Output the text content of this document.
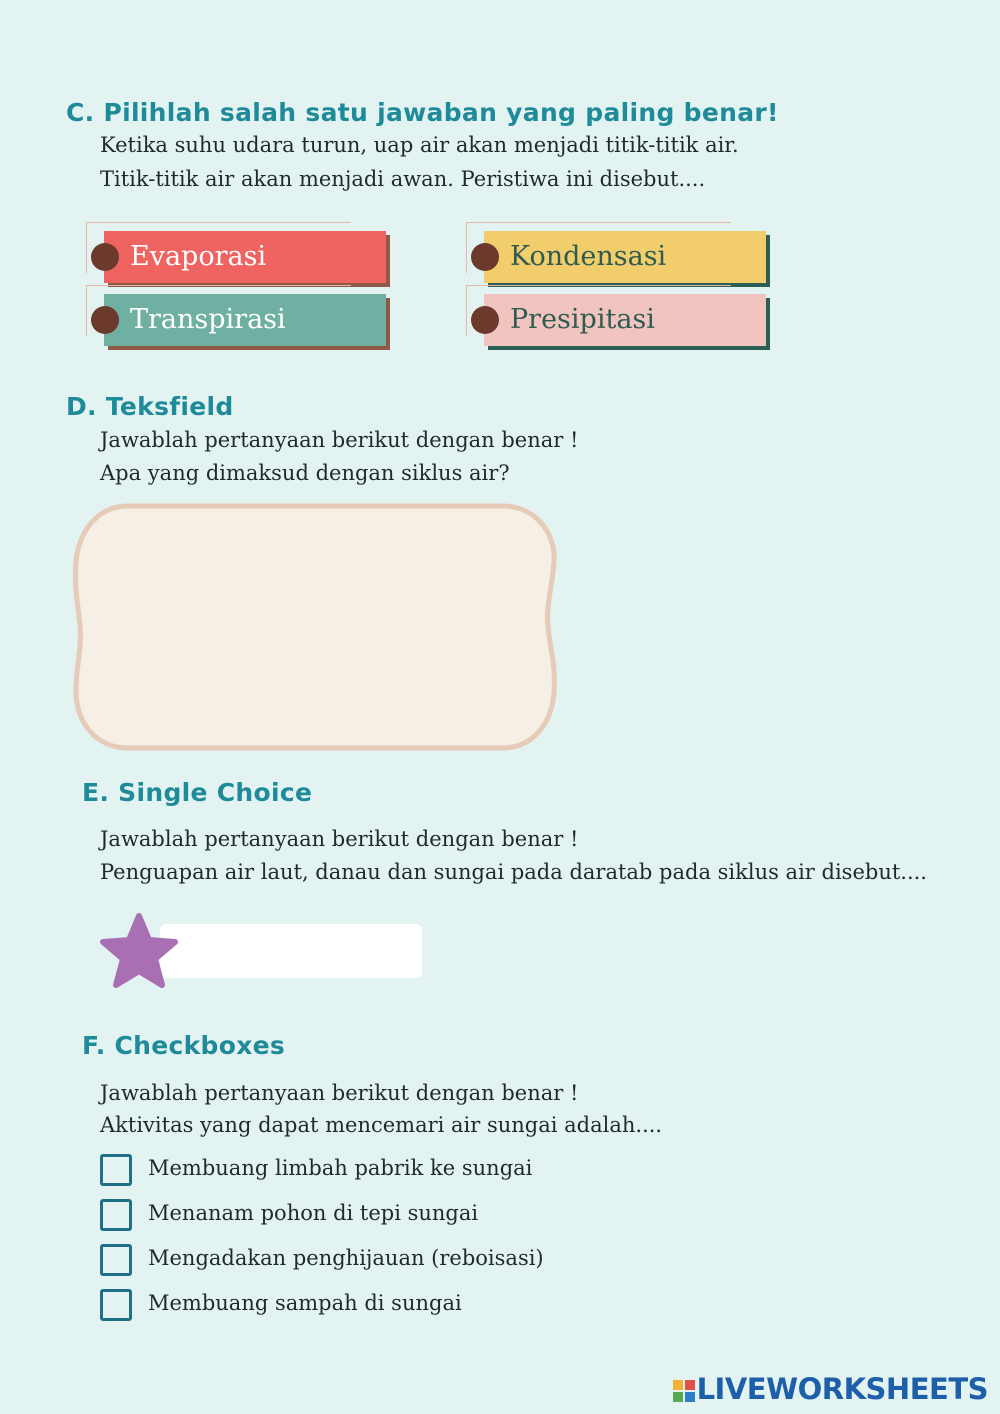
C. Pilihlah salah satu jawaban yang paling benar!
Ketika suhu udara turun, uap air akan menjadi titik-titik air.
Titik-titik air akan menjadi awan. Peristiwa ini disebut....
Evaporasi	Kondensasi
Transpirasi	Presipitasi
D. Teksfield
Jawablah pertanyaan berikut dengan benar !
Apa yang dimaksud dengan siklus air?
E. Single Choice
Jawablah pertanyaan berikut dengan benar !
Penguapan air laut, danau dan sungai pada daratab pada siklus air disebut....
F. Checkboxes
Jawablah pertanyaan berikut dengan benar !
Aktivitas yang dapat mencemari air sungai adalah....
Membuang limbah pabrik ke sungai
Menanam pohon di tepi sungai
Mengadakan penghijauan (reboisasi)
Membuang sampah di sungai
LIVEWORKSHEETS
